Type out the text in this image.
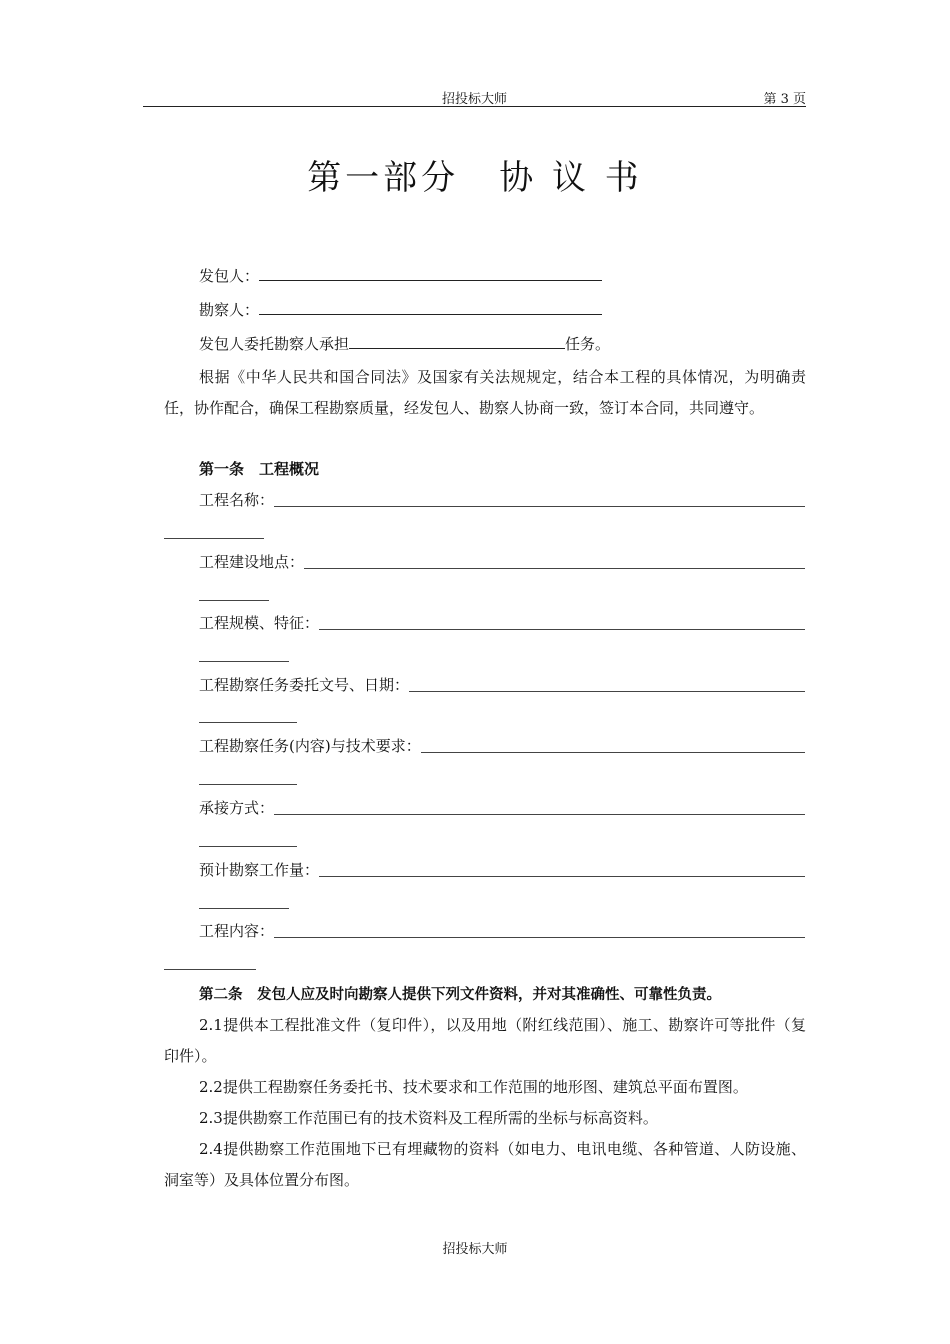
招投标大师	第 3 页
第一部分 协 议 书
发包人：
勘察人：
发包人委托勘察人承担	任务。
根据《中华人民共和国合同法》及国家有关法规规定，结合本工程的具体情况，为明确责任，协作配合，确保工程勘察质量，经发包人、勘察人协商一致，签订本合同，共同遵守。
第一条　工程概况
工程名称：
工程建设地点：
工程规模、特征：
工程勘察任务委托文号、日期：
工程勘察任务(内容)与技术要求：
承接方式：
预计勘察工作量：
工程内容：
第二条　发包人应及时向勘察人提供下列文件资料，并对其准确性、可靠性负责。
2.1提供本工程批准文件（复印件），以及用地（附红线范围）、施工、勘察许可等批件（复印件）。
2.2提供工程勘察任务委托书、技术要求和工作范围的地形图、建筑总平面布置图。
2.3提供勘察工作范围已有的技术资料及工程所需的坐标与标高资料。
2.4提供勘察工作范围地下已有埋藏物的资料（如电力、电讯电缆、各种管道、人防设施、洞室等）及具体位置分布图。
招投标大师
